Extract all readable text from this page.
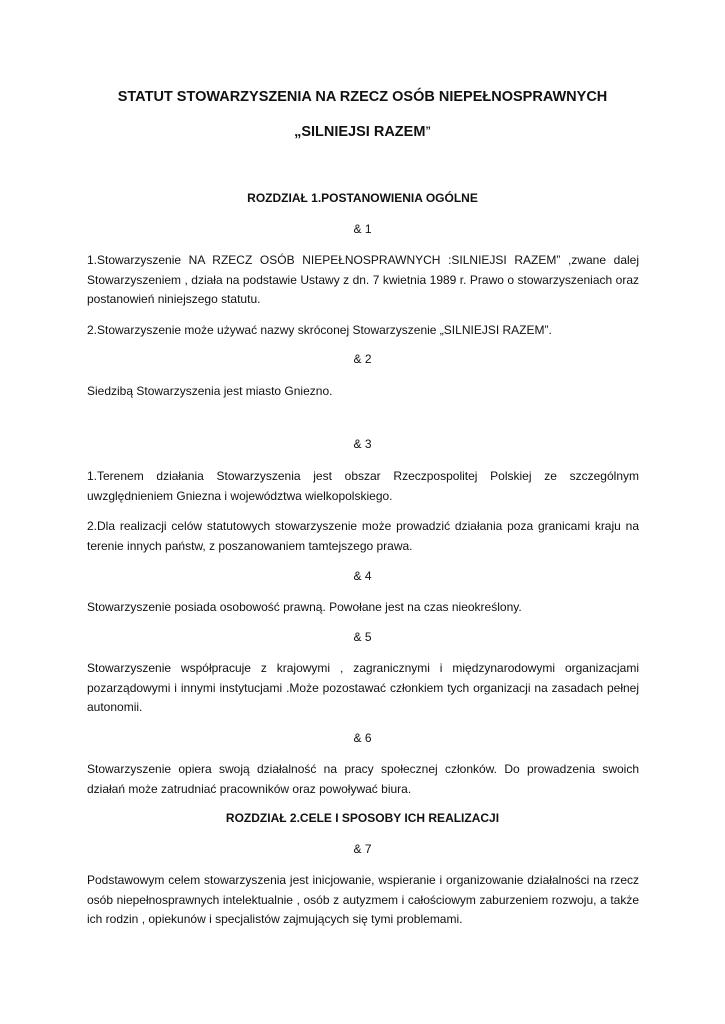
STATUT STOWARZYSZENIA NA RZECZ OSÓB NIEPEŁNOSPRAWNYCH

„SILNIEJSI RAZEM”

ROZDZIAŁ 1.POSTANOWIENIA OGÓLNE

& 1

1.Stowarzyszenie NA RZECZ OSÓB NIEPEŁNOSPRAWNYCH :SILNIEJSI RAZEM” ,zwane dalej Stowarzyszeniem , działa na podstawie Ustawy z dn. 7 kwietnia 1989 r. Prawo o stowarzyszeniach oraz postanowień niniejszego statutu.

2.Stowarzyszenie może używać nazwy skróconej Stowarzyszenie „SILNIEJSI RAZEM”.

& 2

Siedzibą Stowarzyszenia jest miasto Gniezno.

& 3

1.Terenem działania Stowarzyszenia jest obszar Rzeczpospolitej Polskiej ze szczególnym uwzględnieniem Gniezna i województwa wielkopolskiego.

2.Dla realizacji celów statutowych stowarzyszenie może prowadzić działania poza granicami kraju na terenie innych państw, z poszanowaniem tamtejszego prawa.

& 4

Stowarzyszenie posiada osobowość prawną. Powołane jest na czas nieokreślony.

& 5

Stowarzyszenie współpracuje z krajowymi , zagranicznymi i międzynarodowymi organizacjami pozarządowymi i innymi instytucjami .Może pozostawać członkiem tych organizacji na zasadach pełnej autonomii.

& 6

Stowarzyszenie opiera swoją działalność na pracy społecznej członków. Do prowadzenia swoich działań może zatrudniać pracowników oraz powoływać biura.

ROZDZIAŁ 2.CELE I SPOSOBY ICH REALIZACJI

& 7

Podstawowym celem stowarzyszenia jest inicjowanie, wspieranie i organizowanie działalności na rzecz osób niepełnosprawnych intelektualnie , osób z autyzmem i całościowym zaburzeniem rozwoju, a także ich rodzin , opiekunów i specjalistów zajmujących się tymi problemami.
